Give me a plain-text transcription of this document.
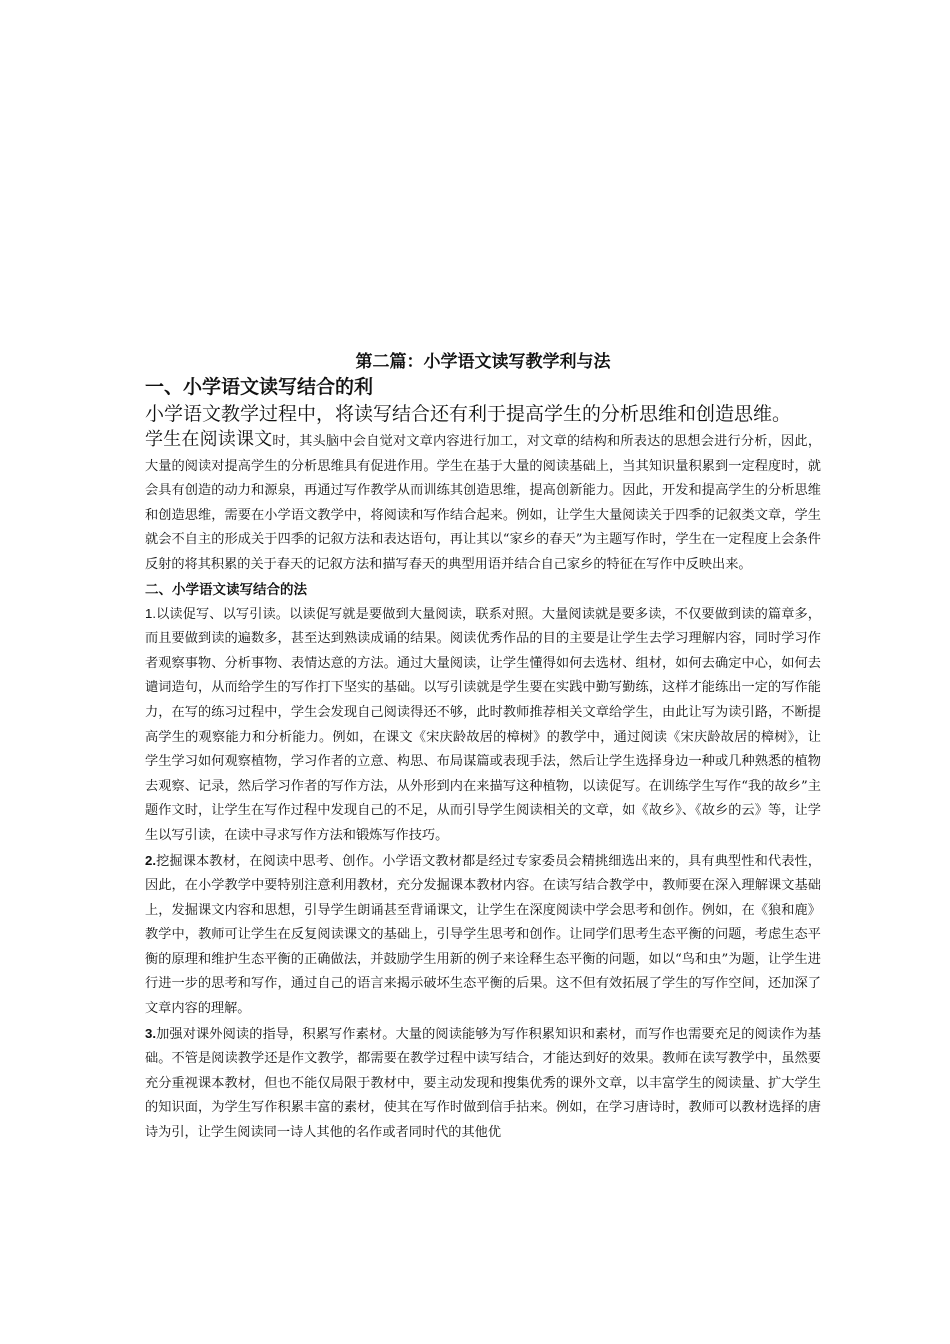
第二篇：小学语文读写教学利与法
一、小学语文读写结合的利

小学语文教学过程中，将读写结合还有利于提高学生的分析思维和创造思维。

学生在阅读课文时，其头脑中会自觉对文章内容进行加工，对文章的结构和所表达的思想会进行分析，因此，大量的阅读对提高学生的分析思维具有促进作用。学生在基于大量的阅读基础上，当其知识量积累到一定程度时，就会具有创造的动力和源泉，再通过写作教学从而训练其创造思维，提高创新能力。因此，开发和提高学生的分析思维和创造思维，需要在小学语文教学中，将阅读和写作结合起来。例如，让学生大量阅读关于四季的记叙类文章，学生就会不自主的形成关于四季的记叙方法和表达语句，再让其以“家乡的春天”为主题写作时，学生在一定程度上会条件反射的将其积累的关于春天的记叙方法和描写春天的典型用语并结合自己家乡的特征在写作中反映出来。

二、小学语文读写结合的法

1.以读促写、以写引读。以读促写就是要做到大量阅读，联系对照。大量阅读就是要多读，不仅要做到读的篇章多，而且要做到读的遍数多，甚至达到熟读成诵的结果。阅读优秀作品的目的主要是让学生去学习理解内容，同时学习作者观察事物、分析事物、表情达意的方法。通过大量阅读，让学生懂得如何去选材、组材，如何去确定中心，如何去谴词造句，从而给学生的写作打下坚实的基础。以写引读就是学生要在实践中勤写勤练，这样才能练出一定的写作能力，在写的练习过程中，学生会发现自己阅读得还不够，此时教师推荐相关文章给学生，由此让写为读引路，不断提高学生的观察能力和分析能力。例如，在课文《宋庆龄故居的樟树》的教学中，通过阅读《宋庆龄故居的樟树》，让学生学习如何观察植物，学习作者的立意、构思、布局谋篇或表现手法，然后让学生选择身边一种或几种熟悉的植物去观察、记录，然后学习作者的写作方法，从外形到内在来描写这种植物，以读促写。在训练学生写作“我的故乡”主题作文时，让学生在写作过程中发现自己的不足，从而引导学生阅读相关的文章，如《故乡》、《故乡的云》等，让学生以写引读，在读中寻求写作方法和锻炼写作技巧。

2.挖掘课本教材，在阅读中思考、创作。小学语文教材都是经过专家委员会精挑细选出来的，具有典型性和代表性，因此，在小学教学中要特别注意利用教材，充分发掘课本教材内容。在读写结合教学中，教师要在深入理解课文基础上，发掘课文内容和思想，引导学生朗诵甚至背诵课文，让学生在深度阅读中学会思考和创作。例如，在《狼和鹿》教学中，教师可让学生在反复阅读课文的基础上，引导学生思考和创作。让同学们思考生态平衡的问题，考虑生态平衡的原理和维护生态平衡的正确做法，并鼓励学生用新的例子来诠释生态平衡的问题，如以“鸟和虫”为题，让学生进行进一步的思考和写作，通过自己的语言来揭示破坏生态平衡的后果。这不但有效拓展了学生的写作空间，还加深了文章内容的理解。

3.加强对课外阅读的指导，积累写作素材。大量的阅读能够为写作积累知识和素材，而写作也需要充足的阅读作为基础。不管是阅读教学还是作文教学，都需要在教学过程中读写结合，才能达到好的效果。教师在读写教学中，虽然要充分重视课本教材，但也不能仅局限于教材中，要主动发现和搜集优秀的课外文章，以丰富学生的阅读量、扩大学生的知识面，为学生写作积累丰富的素材，使其在写作时做到信手拈来。例如，在学习唐诗时，教师可以教材选择的唐诗为引，让学生阅读同一诗人其他的名作或者同时代的其他优
